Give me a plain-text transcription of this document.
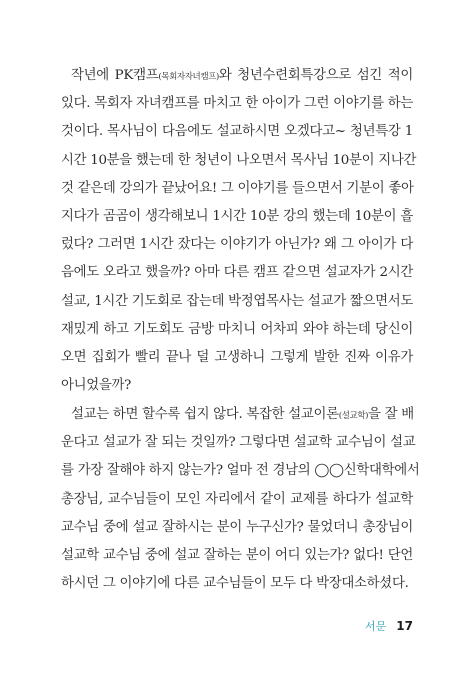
작년에 PK캠프(목회자자녀캠프)와 청년수련회특강으로 섬긴 적이
있다. 목회자 자녀캠프를 마치고 한 아이가 그런 이야기를 하는
것이다. 목사님이 다음에도 설교하시면 오겠다고~ 청년특강 1
시간 10분을 했는데 한 청년이 나오면서 목사님 10분이 지나간
것 같은데 강의가 끝났어요! 그 이야기를 들으면서 기분이 좋아
지다가 곰곰이 생각해보니 1시간 10분 강의 했는데 10분이 흘
렀다? 그러면 1시간 잤다는 이야기가 아닌가? 왜 그 아이가 다
음에도 오라고 했을까? 아마 다른 캠프 같으면 설교자가 2시간
설교, 1시간 기도회로 잡는데 박정엽목사는 설교가 짧으면서도
재밌게 하고 기도회도 금방 마치니 어차피 와야 하는데 당신이
오면 집회가 빨리 끝나 덜 고생하니 그렇게 발한 진짜 이유가
아니었을까?
설교는 하면 할수록 쉽지 않다. 복잡한 설교이론(설교학)을 잘 배
운다고 설교가 잘 되는 것일까? 그렇다면 설교학 교수님이 설교
를 가장 잘해야 하지 않는가? 얼마 전 경남의 ◯◯신학대학에서
총장님, 교수님들이 모인 자리에서 같이 교제를 하다가 설교학
교수님 중에 설교 잘하시는 분이 누구신가? 물었더니 총장님이
설교학 교수님 중에 설교 잘하는 분이 어디 있는가? 없다! 단언
하시던 그 이야기에 다른 교수님들이 모두 다 박장대소하셨다.
서문 17
